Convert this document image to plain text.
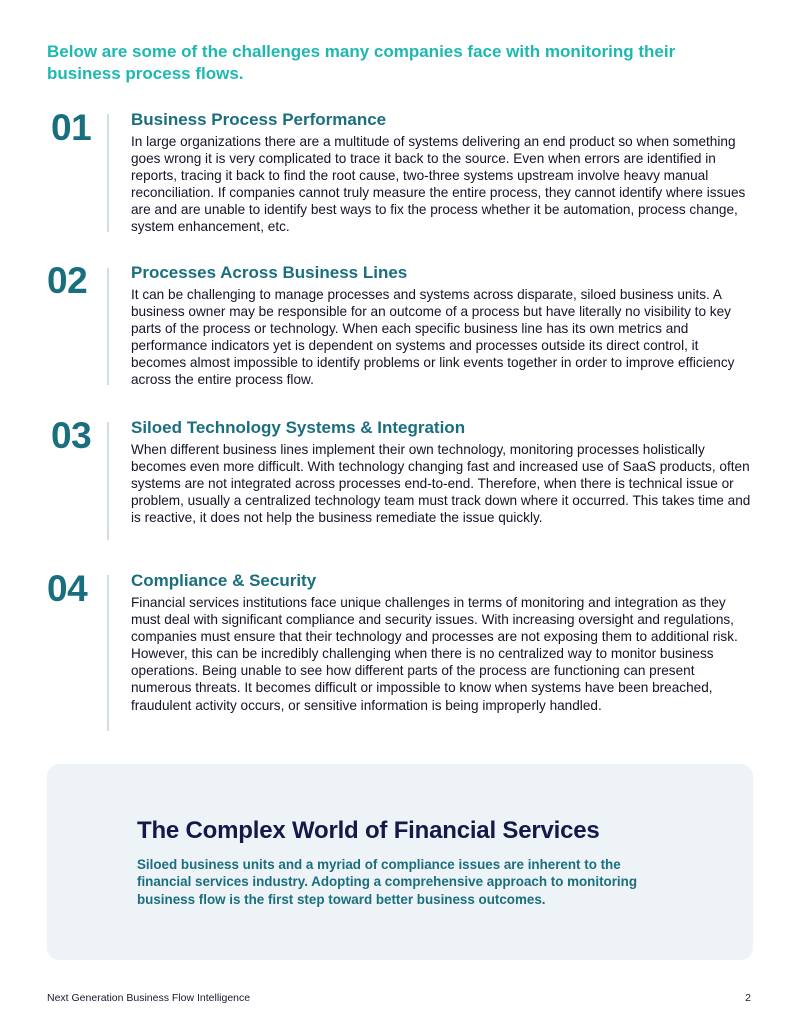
Below are some of the challenges many companies face with monitoring their business process flows.

01 Business Process Performance

In large organizations there are a multitude of systems delivering an end product so when something goes wrong it is very complicated to trace it back to the source. Even when errors are identified in reports, tracing it back to find the root cause, two-three systems upstream involve heavy manual reconciliation. If companies cannot truly measure the entire process, they cannot identify where issues are and are unable to identify best ways to fix the process whether it be automation, process change, system enhancement, etc.

02	Processes Across Business Lines

It can be challenging to manage processes and systems across disparate, siloed business units. A business owner may be responsible for an outcome of a process but have literally no visibility to key parts of the process or technology. When each specific business line has its own metrics and performance indicators yet is dependent on systems and processes outside its direct control, it becomes almost impossible to identify problems or link events together in order to improve efficiency across the entire process flow.

03 Siloed Technology Systems & Integration

When different business lines implement their own technology, monitoring processes holistically becomes even more difficult. With technology changing fast and increased use of SaaS products, often systems are not integrated across processes end-to-end. Therefore, when there is technical issue or problem, usually a centralized technology team must track down where it occurred. This takes time and is reactive, it does not help the business remediate the issue quickly.

04	Compliance & Security

Financial services institutions face unique challenges in terms of monitoring and integration as they must deal with significant compliance and security issues. With increasing oversight and regulations, companies must ensure that their technology and processes are not exposing them to additional risk. However, this can be incredibly challenging when there is no centralized way to monitor business operations. Being unable to see how different parts of the process are functioning can present numerous threats. It becomes difficult or impossible to know when systems have been breached, fraudulent activity occurs, or sensitive information is being improperly handled.

The Complex World of Financial Services

Siloed business units and a myriad of compliance issues are inherent to the financial services industry. Adopting a comprehensive approach to monitoring business flow is the first step toward better business outcomes.

Next Generation Business Flow Intelligence	2
